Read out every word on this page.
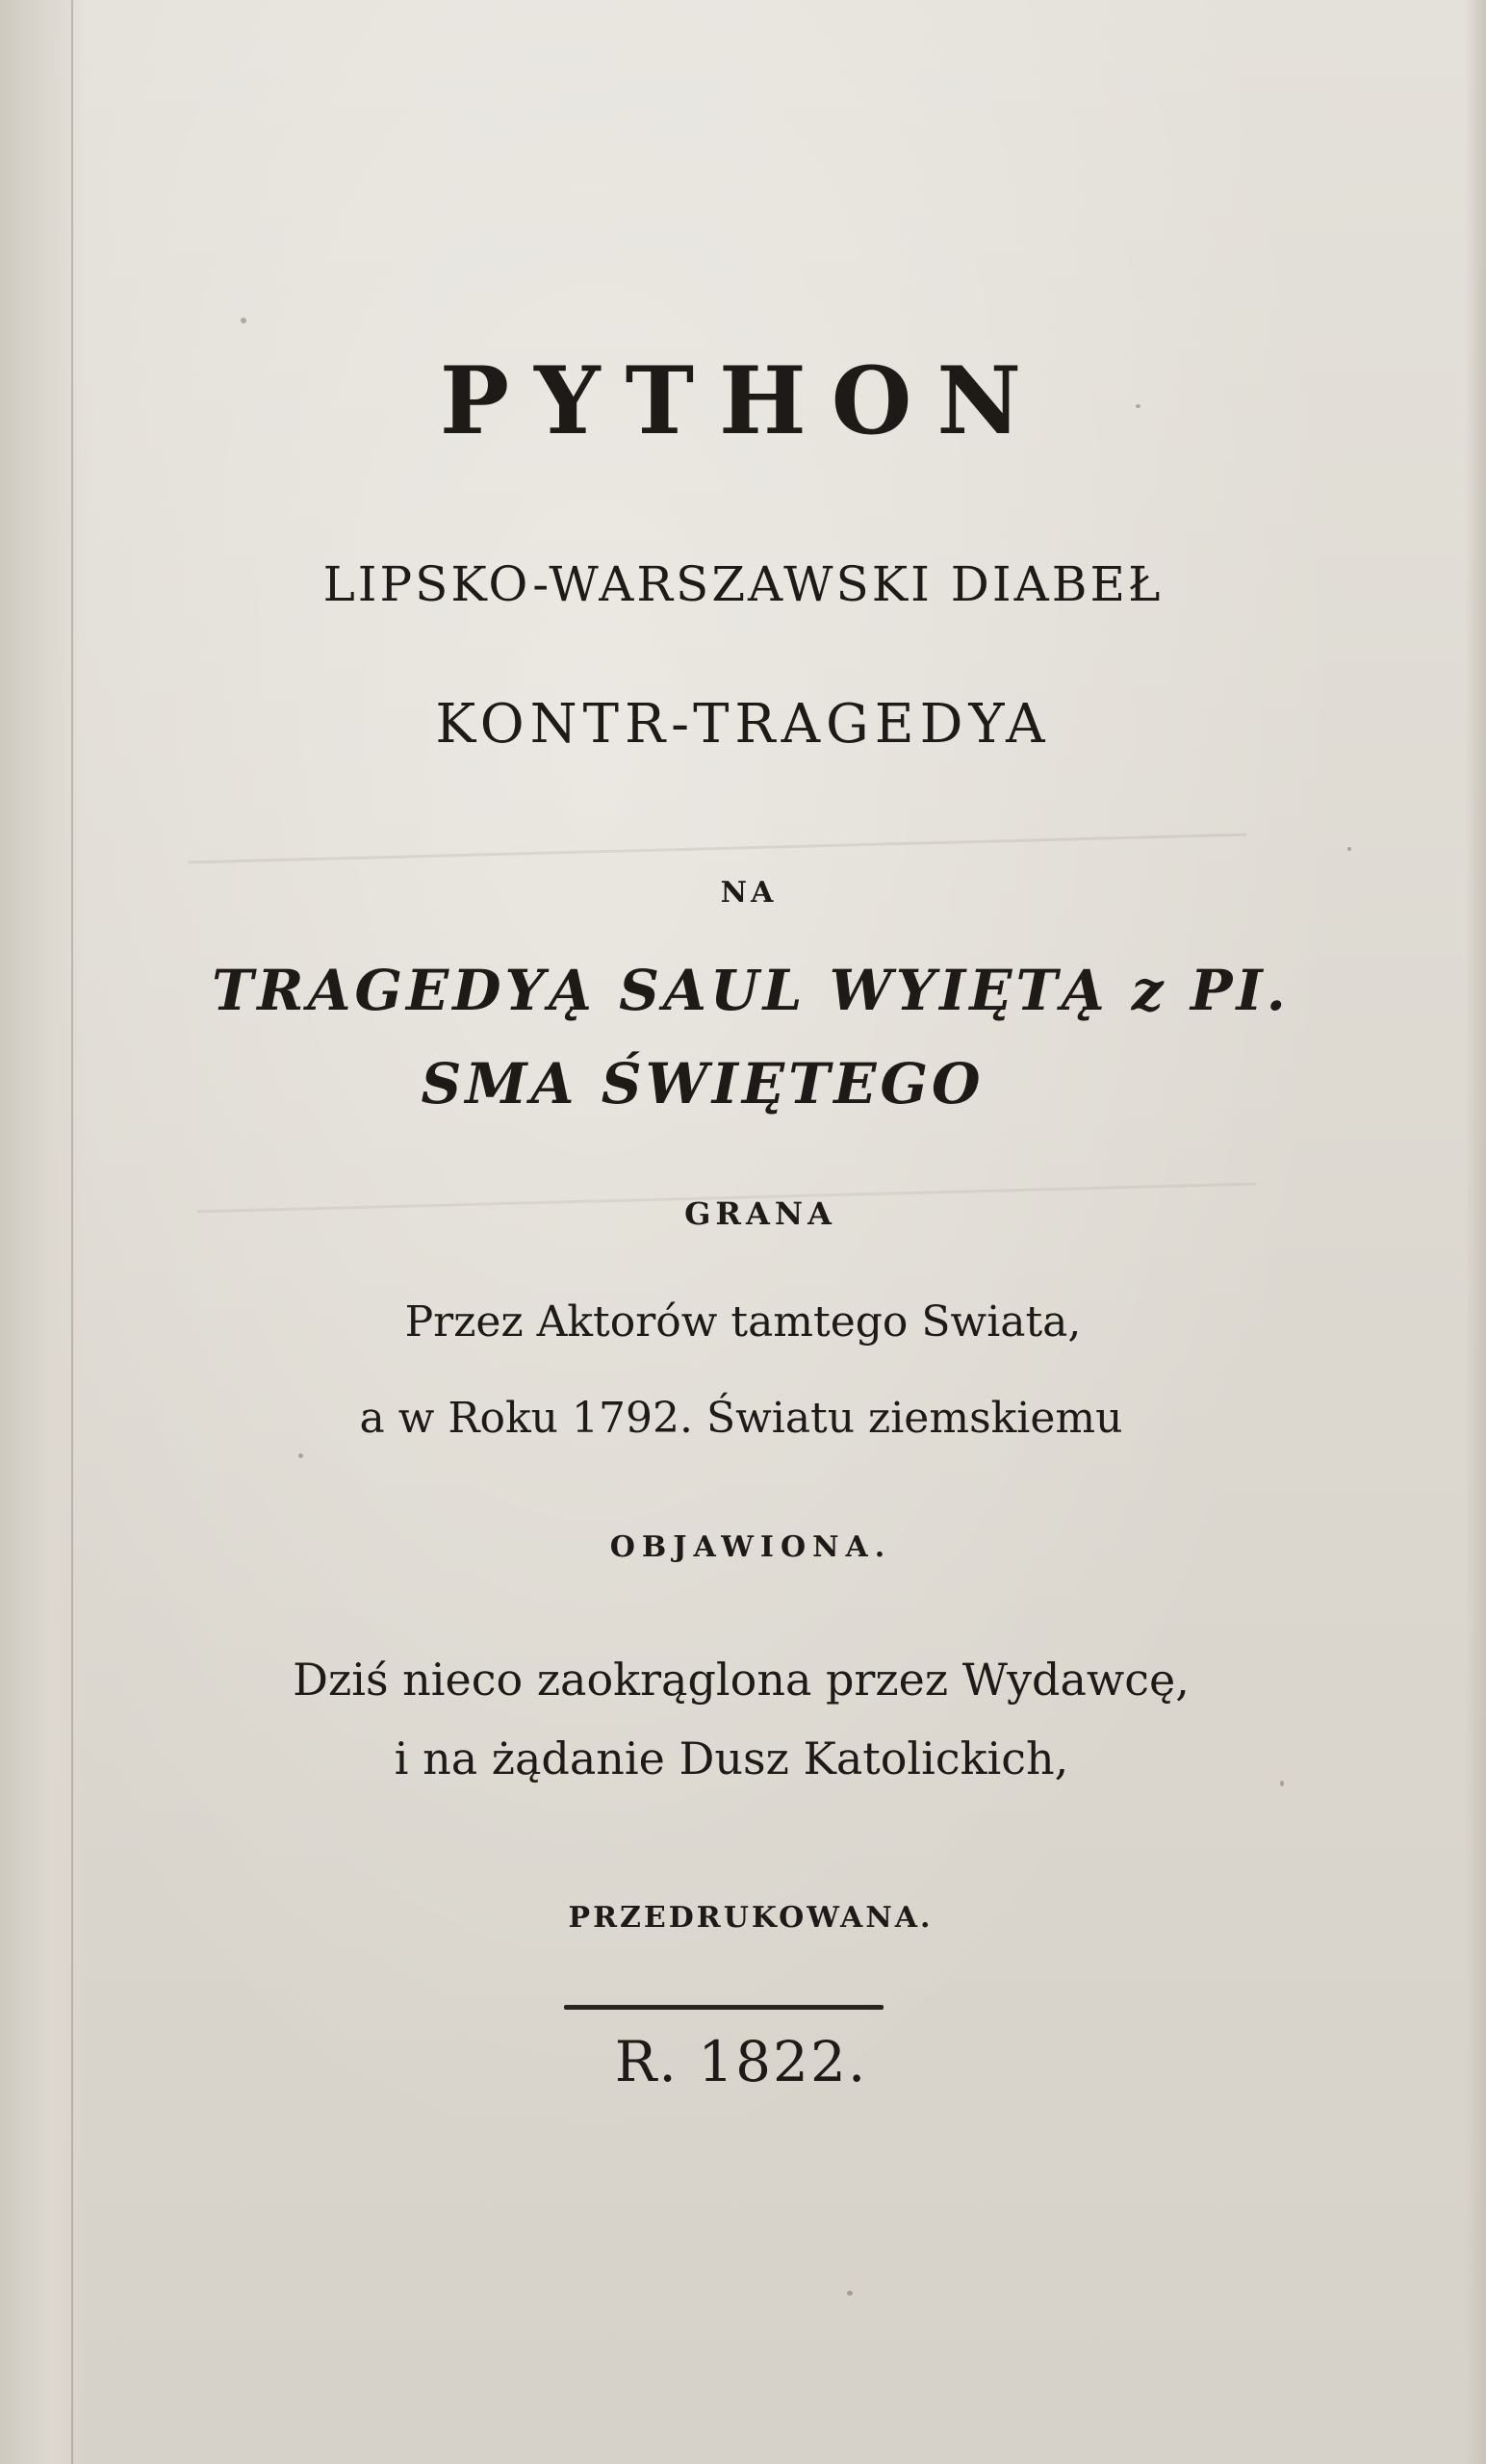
PYTHON

LIPSKO-WARSZAWSKI DIABEŁ

KONTR-TRAGEDYA

NA

TRAGEDYĄ SAUL WYIĘTĄ z PI.

SMA ŚWIĘTEGO

GRANA

Przez Aktorów tamtego Swiata,

a w Roku 1792. Światu ziemskiemu

OBJAWIONA.

Dziś nieco zaokrąglona przez Wydawcę,

i na żądanie Dusz Katolickich,

PRZEDRUKOWANA.

R. 1822.
